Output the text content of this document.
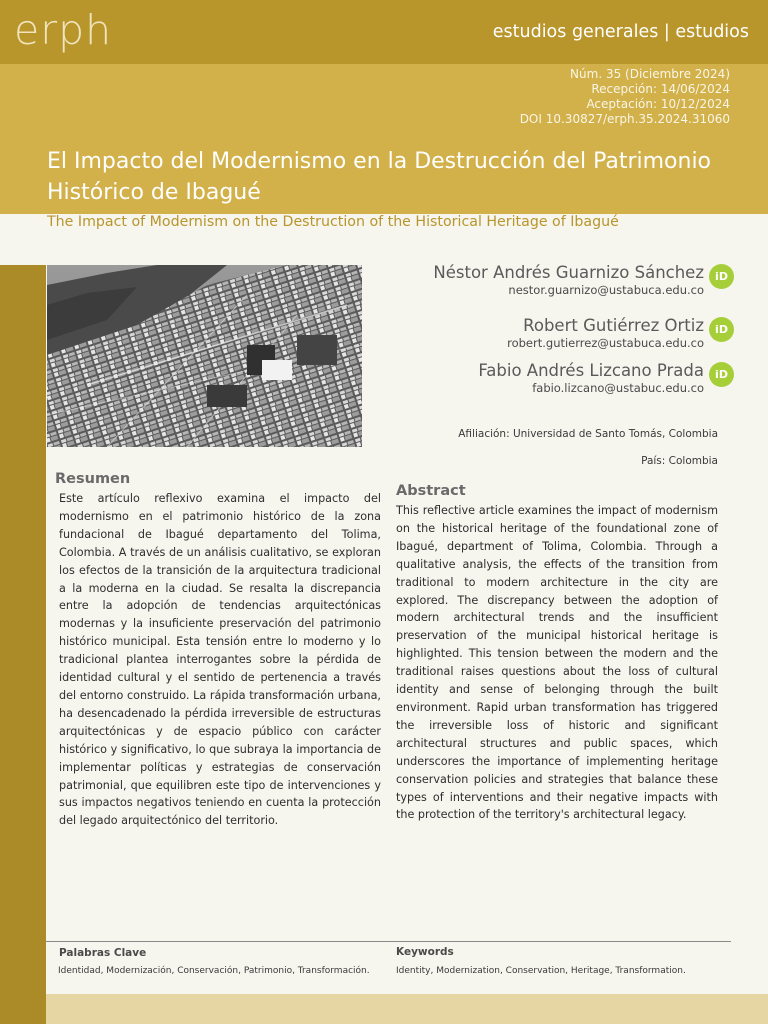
erph	estudios generales | estudios
Núm. 35 (Diciembre 2024)
Recepción: 14/06/2024
Aceptación: 10/12/2024
DOI 10.30827/erph.35.2024.31060
El Impacto del Modernismo en la Destrucción del Patrimonio Histórico de Ibagué
The Impact of Modernism on the Destruction of the Historical Heritage of Ibagué
Néstor Andrés Guarnizo Sánchez
nestor.guarnizo@ustabuca.edu.co
iD
Robert Gutiérrez Ortiz
robert.gutierrez@ustabuca.edu.co
iD
Fabio Andrés Lizcano Prada
fabio.lizcano@ustabuc.edu.co
iD
Afiliación: Universidad de Santo Tomás, Colombia
País: Colombia
Resumen

Este artículo reflexivo examina el impacto del modernismo en el patrimonio histórico de la zona fundacional de Ibagué departamento del Tolima, Colombia. A través de un análisis cualitativo, se exploran los efectos de la transición de la arquitectura tradicional a la moderna en la ciudad. Se resalta la discrepancia entre la adopción de tendencias arquitectónicas modernas y la insuficiente preservación del patrimonio histórico municipal. Esta tensión entre lo moderno y lo tradicional plantea interrogantes sobre la pérdida de identidad cultural y el sentido de pertenencia a través del entorno construido. La rápida transformación urbana, ha desencadenado la pérdida irreversible de estructuras arquitectónicas y de espacio público con carácter histórico y significativo, lo que subraya la importancia de implementar políticas y estrategias de conservación patrimonial, que equilibren este tipo de intervenciones y sus impactos negativos teniendo en cuenta la protección del legado arquitectónico del territorio.

Abstract

This reflective article examines the impact of modernism on the historical heritage of the foundational zone of Ibagué, department of Tolima, Colombia. Through a qualitative analysis, the effects of the transition from traditional to modern architecture in the city are explored. The discrepancy between the adoption of modern architectural trends and the insufficient preservation of the municipal historical heritage is highlighted. This tension between the modern and the traditional raises questions about the loss of cultural identity and sense of belonging through the built environment. Rapid urban transformation has triggered the irreversible loss of historic and significant architectural structures and public spaces, which underscores the importance of implementing heritage conservation policies and strategies that balance these types of interventions and their negative impacts with the protection of the territory's architectural legacy.

Palabras Clave
Identidad, Modernización, Conservación, Patrimonio, Transformación.
Keywords
Identity, Modernization, Conservation, Heritage, Transformation.
